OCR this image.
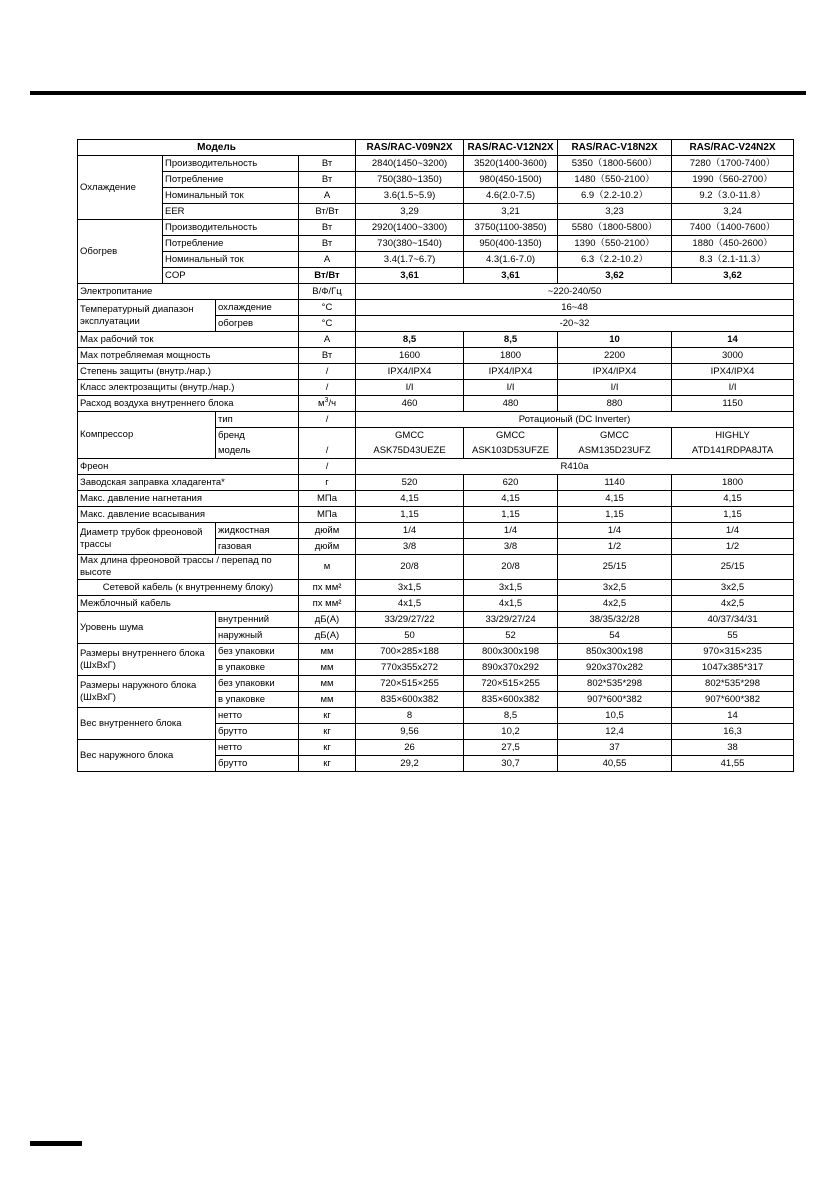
Модель				RAS/RAC-V09N2X	RAS/RAC-V12N2X	RAS/RAC-V18N2X	RAS/RAC-V24N2X
Охлаждение	Производительность		Вт	2840(1450~3200)	3520(1400-3600)	5350（1800-5600）	7280（1700-7400）
	Потребление		Вт	750(380~1350)	980(450-1500)	1480（550-2100）	1990（560-2700）
	Номинальный ток		А	3.6(1.5~5.9)	4.6(2.0-7.5)	6.9（2.2-10.2）	9.2（3.0-11.8）
	EER		Вт/Вт	3,29	3,21	3,23	3,24
Обогрев	Производительность		Вт	2920(1400~3300)	3750(1100-3850)	5580（1800-5800）	7400（1400-7600）
	Потребление		Вт	730(380~1540)	950(400-1350)	1390（550-2100）	1880（450-2600）
	Номинальный ток		А	3.4(1.7~6.7)	4.3(1.6-7.0)	6.3（2.2-10.2）	8.3（2.1-11.3）
	COP		Вт/Вт	3,61	3,61	3,62	3,62
Электропитание			В/Ф/Гц	~220-240/50			
Температурный диапазон эксплуатации		охлаждение	°C	16~48			
		обогрев	°C	-20~32			
Max рабочий ток			А	8,5	8,5	10	14
Max потребляемая мощность			Вт	1600	1800	2200	3000
Степень защиты (внутр./нар.)			/	IPX4/IPX4	IPX4/IPX4	IPX4/IPX4	IPX4/IPX4
Класс электрозащиты (внутр./нар.)			/	I/I	I/I	I/I	I/I
Расход воздуха внутреннего блока			$м^3/ч$	460	480	880	1150
Компрессор		тип	/	Ротационый (DC Inverter)			
		бренд		GMCC	GMCC	GMCC	HIGHLY
		модель	/	ASK75D43UEZE	ASK103D53UFZE	ASM135D23UFZ	ATD141RDPA8JTA
Фреон			/	R410a			
Заводская заправка хладагента*			г	520	620	1140	1800
Макс. давление нагнетания			МПа	4,15	4,15	4,15	4,15
Макс. давление всасывания			МПа	1,15	1,15	1,15	1,15
Диаметр трубок фреоновой трассы		жидкостная	дюйм	1/4	1/4	1/4	1/4
		газовая	дюйм	3/8	3/8	1/2	1/2
Max длина фреоновой трассы / перепад по высоте			м	20/8	20/8	25/15	25/15
Сетевой кабель (к внутреннему блоку)			пх мм²	3х1,5	3х1,5	3х2,5	3х2,5
Межблочный кабель			пх мм²	4х1,5	4х1,5	4х2,5	4х2,5
Уровень шума		внутренний	дБ(А)	33/29/27/22	33/29/27/24	38/35/32/28	40/37/34/31
		наружный	дБ(А)	50	52	54	55
Размеры внутреннего блока (ШхВхГ)		без упаковки	мм	700×285×188	800х300х198	850х300х198	970×315×235
		в упаковке	мм	770х355х272	890х370х292	920х370х282	1047х385*317
Размеры наружного блока (ШхВхГ)		без упаковки	мм	720×515×255	720×515×255	802*535*298	802*535*298
		в упаковке	мм	835×600х382	835×600х382	907*600*382	907*600*382
Вес внутреннего блока		нетто	кг	8	8,5	10,5	14
		брутто	кг	9,56	10,2	12,4	16,3
Вес наружного блока		нетто	кг	26	27,5	37	38
		брутто	кг	29,2	30,7	40,55	41,55
